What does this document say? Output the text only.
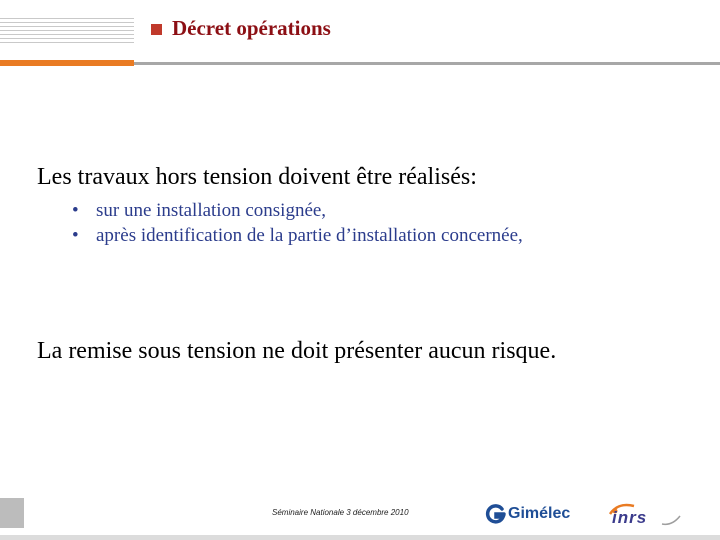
Décret opérations
Les travaux hors tension doivent être réalisés:
• sur une installation consignée,
• après identification de la partie d’installation concernée,
La remise sous tension ne doit présenter aucun risque.
Séminaire Nationale 3 décembre 2010	Gimélec inrs
